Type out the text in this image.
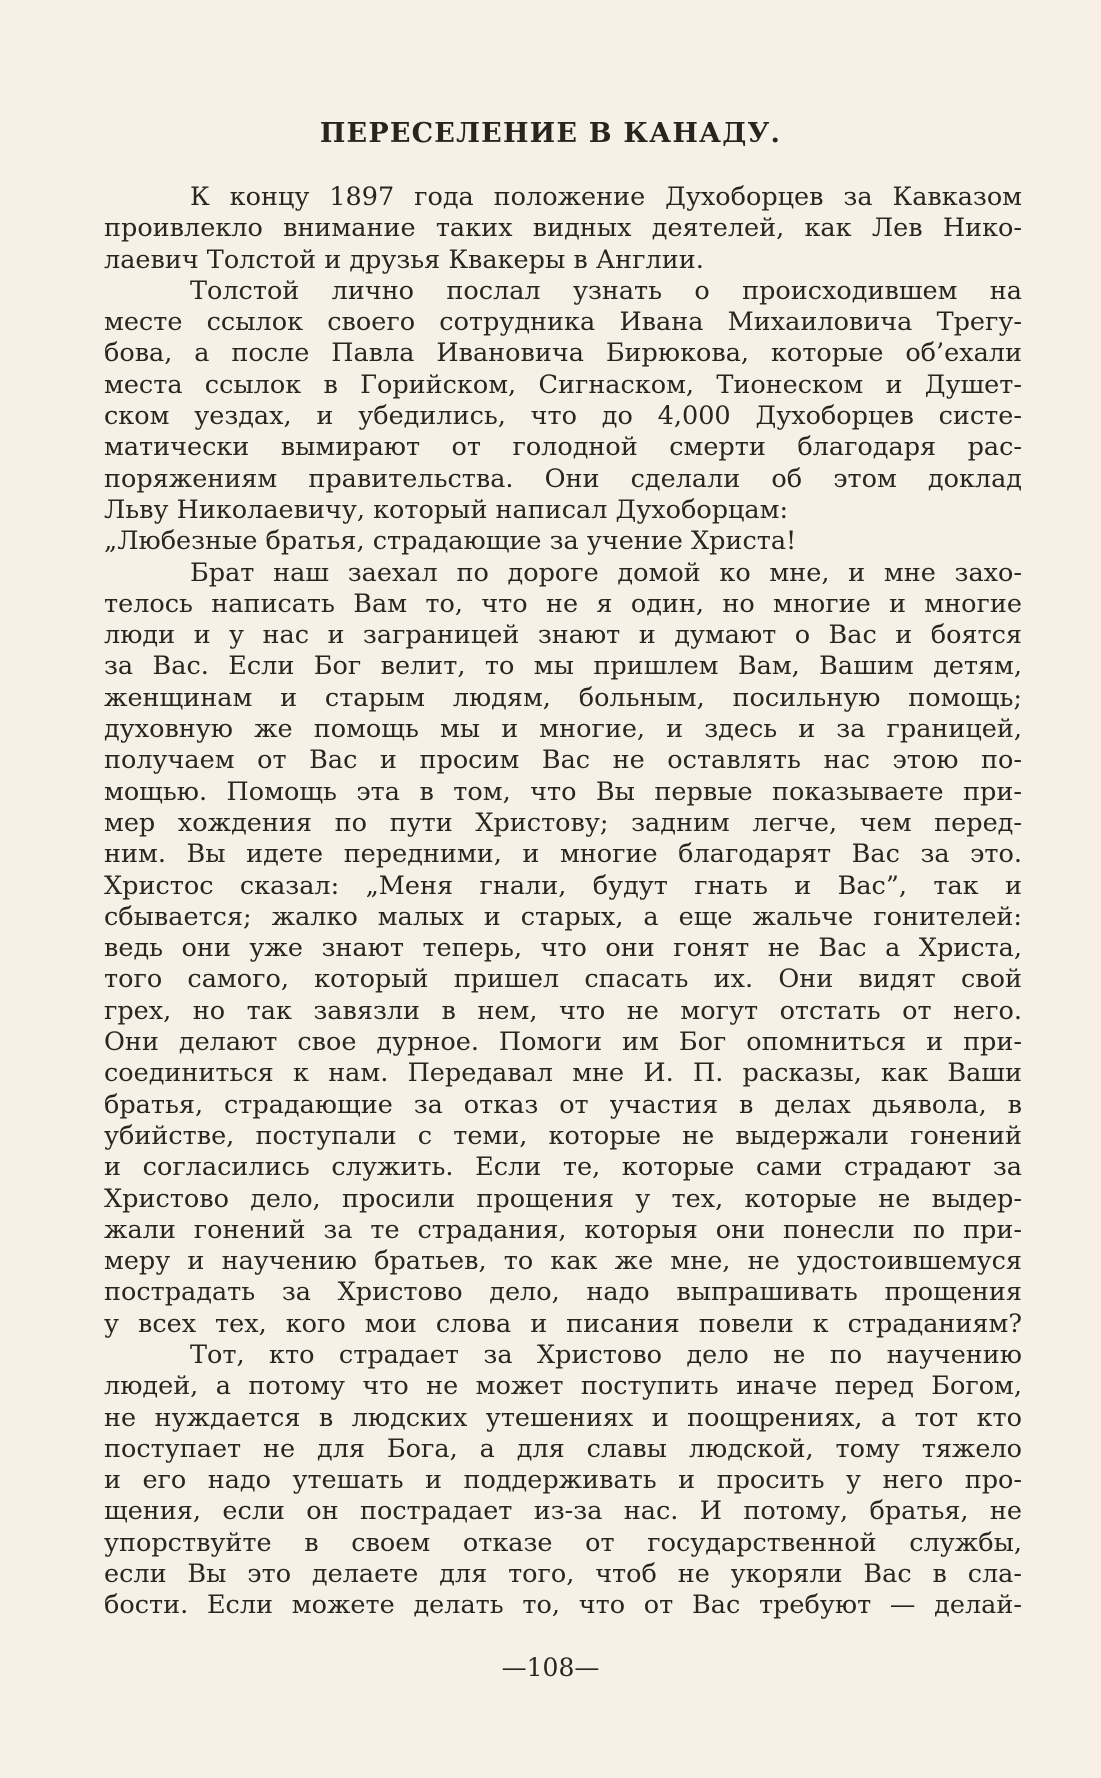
ПЕРЕСЕЛЕНИЕ В КАНАДУ.
К концу 1897 года положение Духоборцев за Кавказом
проивлекло внимание таких видных деятелей, как Лев Нико-
лаевич Толстой и друзья Квакеры в Англии.
Толстой лично послал узнать о происходившем на
месте ссылок своего сотрудника Ивана Михаиловича Трегу-
бова, а после Павла Ивановича Бирюкова, которые об’ехали
места ссылок в Горийском, Сигнаском, Тионеском и Душет-
ском уездах, и убедились, что до 4,000 Духоборцев систе-
матически вымирают от голодной смерти благодаря рас-
поряжениям правительства. Они сделали об этом доклад
Льву Николаевичу, который написал Духоборцам:
„Любезные братья, страдающие за учение Христа!
Брат наш заехал по дороге домой ко мне, и мне захо-
телось написать Вам то, что не я один, но многие и многие
люди и у нас и заграницей знают и думают о Вас и боятся
за Вас. Если Бог велит, то мы пришлем Вам, Вашим детям,
женщинам и старым людям, больным, посильную помощь;
духовную же помощь мы и многие, и здесь и за границей,
получаем от Вас и просим Вас не оставлять нас этою по-
мощью. Помощь эта в том, что Вы первые показываете при-
мер хождения по пути Христову; задним легче, чем перед-
ним. Вы идете передними, и многие благодарят Вас за это.
Христос сказал: „Меня гнали, будут гнать и Вас”, так и
сбывается; жалко малых и старых, а еще жальче гонителей:
ведь они уже знают теперь, что они гонят не Вас а Христа,
того самого, который пришел спасать их. Они видят свой
грех, но так завязли в нем, что не могут отстать от него.
Они делают свое дурное. Помоги им Бог опомниться и при-
соединиться к нам. Передавал мне И. П. расказы, как Ваши
братья, страдающие за отказ от участия в делах дьявола, в
убийстве, поступали с теми, которые не выдержали гонений
и согласились служить. Если те, которые сами страдают за
Христово дело, просили прощения у тех, которые не выдер-
жали гонений за те страдания, которыя они понесли по при-
меру и научению братьев, то как же мне, не удостоившемуся
пострадать за Христово дело, надо выпрашивать прощения
у всех тех, кого мои слова и писания повели к страданиям?
Тот, кто страдает за Христово дело не по научению
людей, а потому что не может поступить иначе перед Богом,
не нуждается в людских утешениях и поощрениях, а тот кто
поступает не для Бога, а для славы людской, тому тяжело
и его надо утешать и поддерживать и просить у него про-
щения, если он пострадает из-за нас. И потому, братья, не
упорствуйте в своем отказе от государственной службы,
если Вы это делаете для того, чтоб не укоряли Вас в сла-
бости. Если можете делать то, что от Вас требуют — делай-
—108—
